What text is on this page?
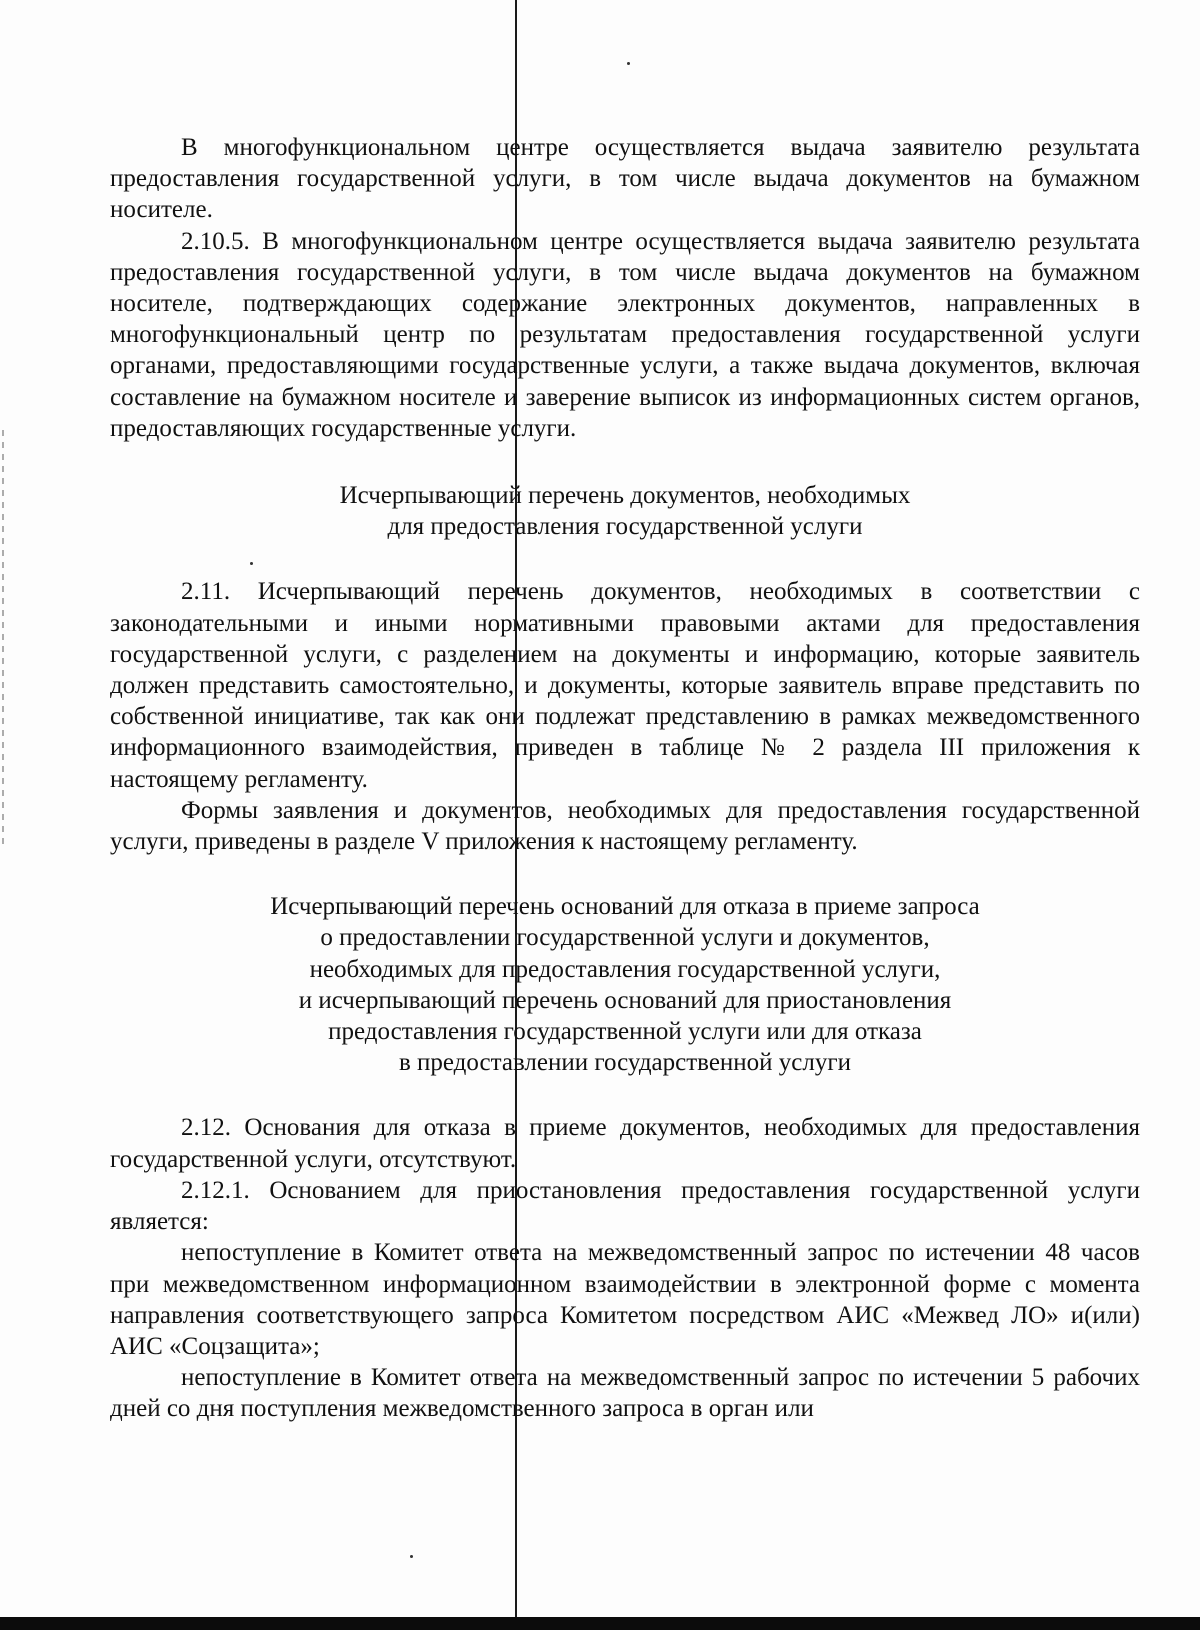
В многофункциональном центре осуществляется выдача заявителю результата предоставления государственной услуги, в том числе выдача документов на бумажном носителе.

2.10.5. В многофункциональном центре осуществляется выдача заявителю результата предоставления государственной услуги, в том числе выдача документов на бумажном носителе, подтверждающих содержание электронных документов, направленных в многофункциональный центр по результатам предоставления государственной услуги органами, предоставляющими государственные услуги, а также выдача документов, включая составление на бумажном носителе и заверение выписок из информационных систем органов, предоставляющих государственные услуги.

Исчерпывающий перечень документов, необходимых
для предоставления государственной услуги

2.11. Исчерпывающий перечень документов, необходимых в соответствии с законодательными и иными нормативными правовыми актами для предоставления государственной услуги, с разделением на документы и информацию, которые заявитель должен представить самостоятельно, и документы, которые заявитель вправе представить по собственной инициативе, так как они подлежат представлению в рамках межведомственного информационного взаимодействия, приведен в таблице № 2 раздела III приложения к настоящему регламенту.

Формы заявления и документов, необходимых для предоставления государственной услуги, приведены в разделе V приложения к настоящему регламенту.

Исчерпывающий перечень оснований для отказа в приеме запроса
о предоставлении государственной услуги и документов,
необходимых для предоставления государственной услуги,
и исчерпывающий перечень оснований для приостановления
предоставления государственной услуги или для отказа
в предоставлении государственной услуги

2.12. Основания для отказа в приеме документов, необходимых для предоставления государственной услуги, отсутствуют.

2.12.1. Основанием для приостановления предоставления государственной услуги является:

непоступление в Комитет ответа на межведомственный запрос по истечении 48 часов при межведомственном информационном взаимодействии в электронной форме с момента направления соответствующего запроса Комитетом посредством АИС «Межвед ЛО» и(или) АИС «Соцзащита»;

непоступление в Комитет ответа на межведомственный запрос по истечении 5 рабочих дней со дня поступления межведомственного запроса в орган или
